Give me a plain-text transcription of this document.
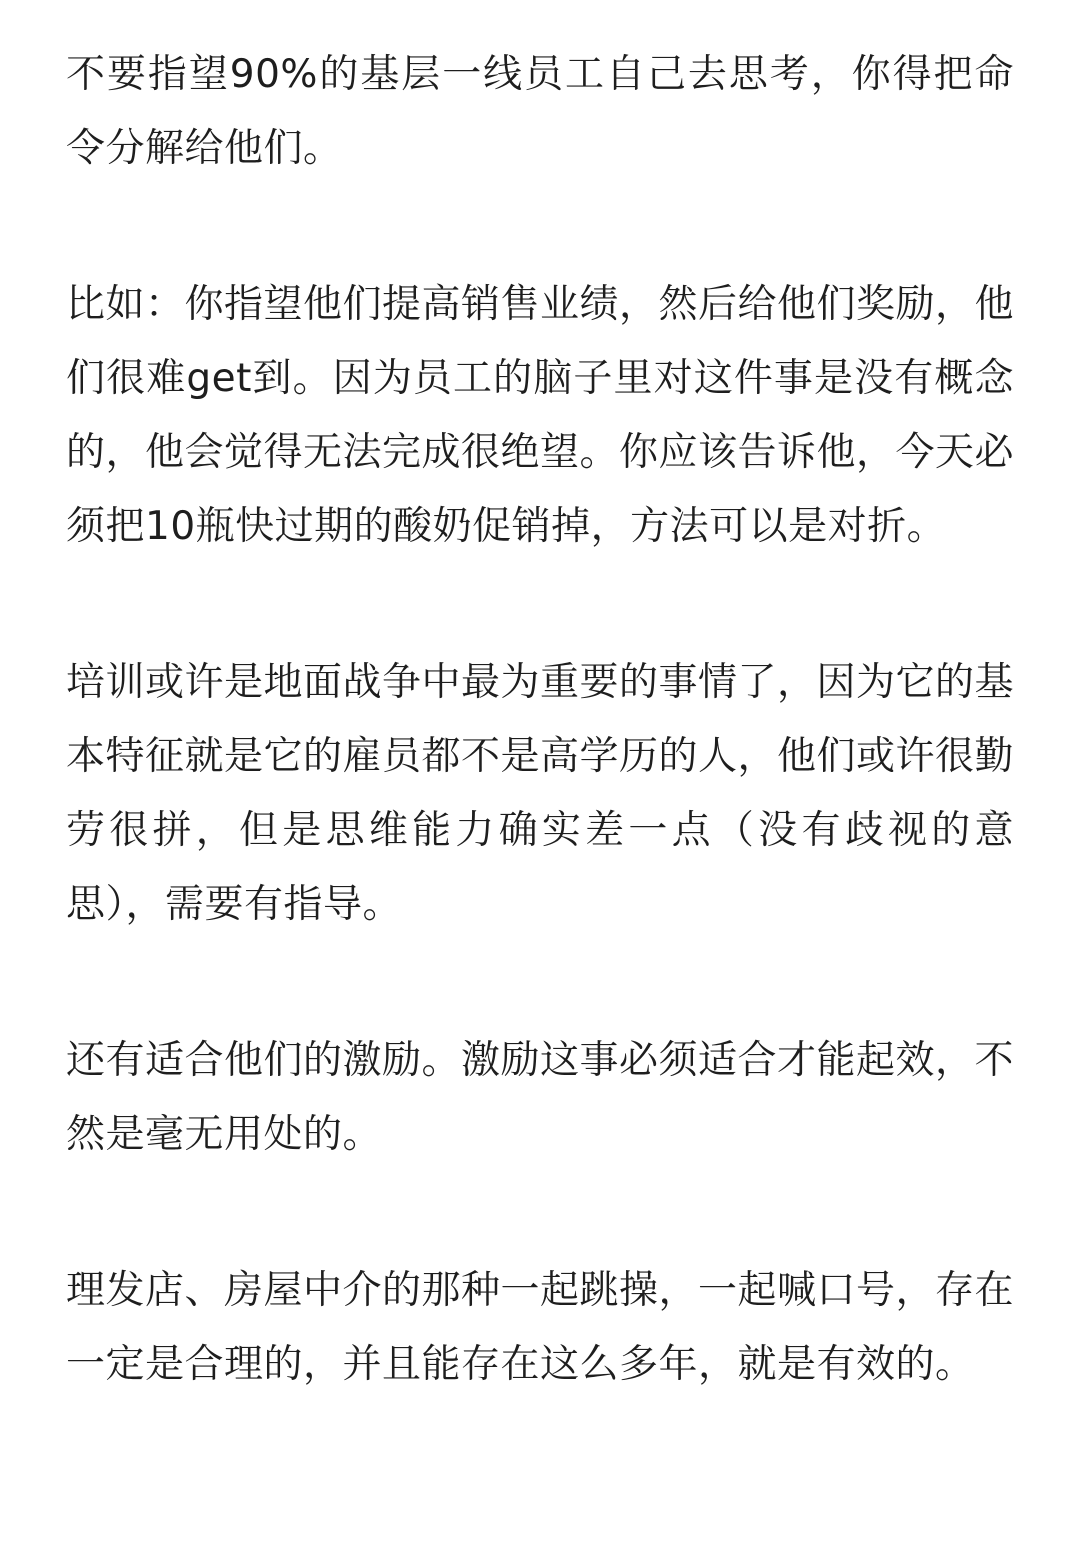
不要指望90%的基层一线员工自己去思考，你得把命令分解给他们。

比如：你指望他们提高销售业绩，然后给他们奖励，他们很难get到。因为员工的脑子里对这件事是没有概念的，他会觉得无法完成很绝望。你应该告诉他，今天必须把10瓶快过期的酸奶促销掉，方法可以是对折。

培训或许是地面战争中最为重要的事情了，因为它的基本特征就是它的雇员都不是高学历的人，他们或许很勤劳很拼，但是思维能力确实差一点（没有歧视的意思），需要有指导。

还有适合他们的激励。激励这事必须适合才能起效，不然是毫无用处的。

理发店、房屋中介的那种一起跳操，一起喊口号，存在一定是合理的，并且能存在这么多年，就是有效的。
